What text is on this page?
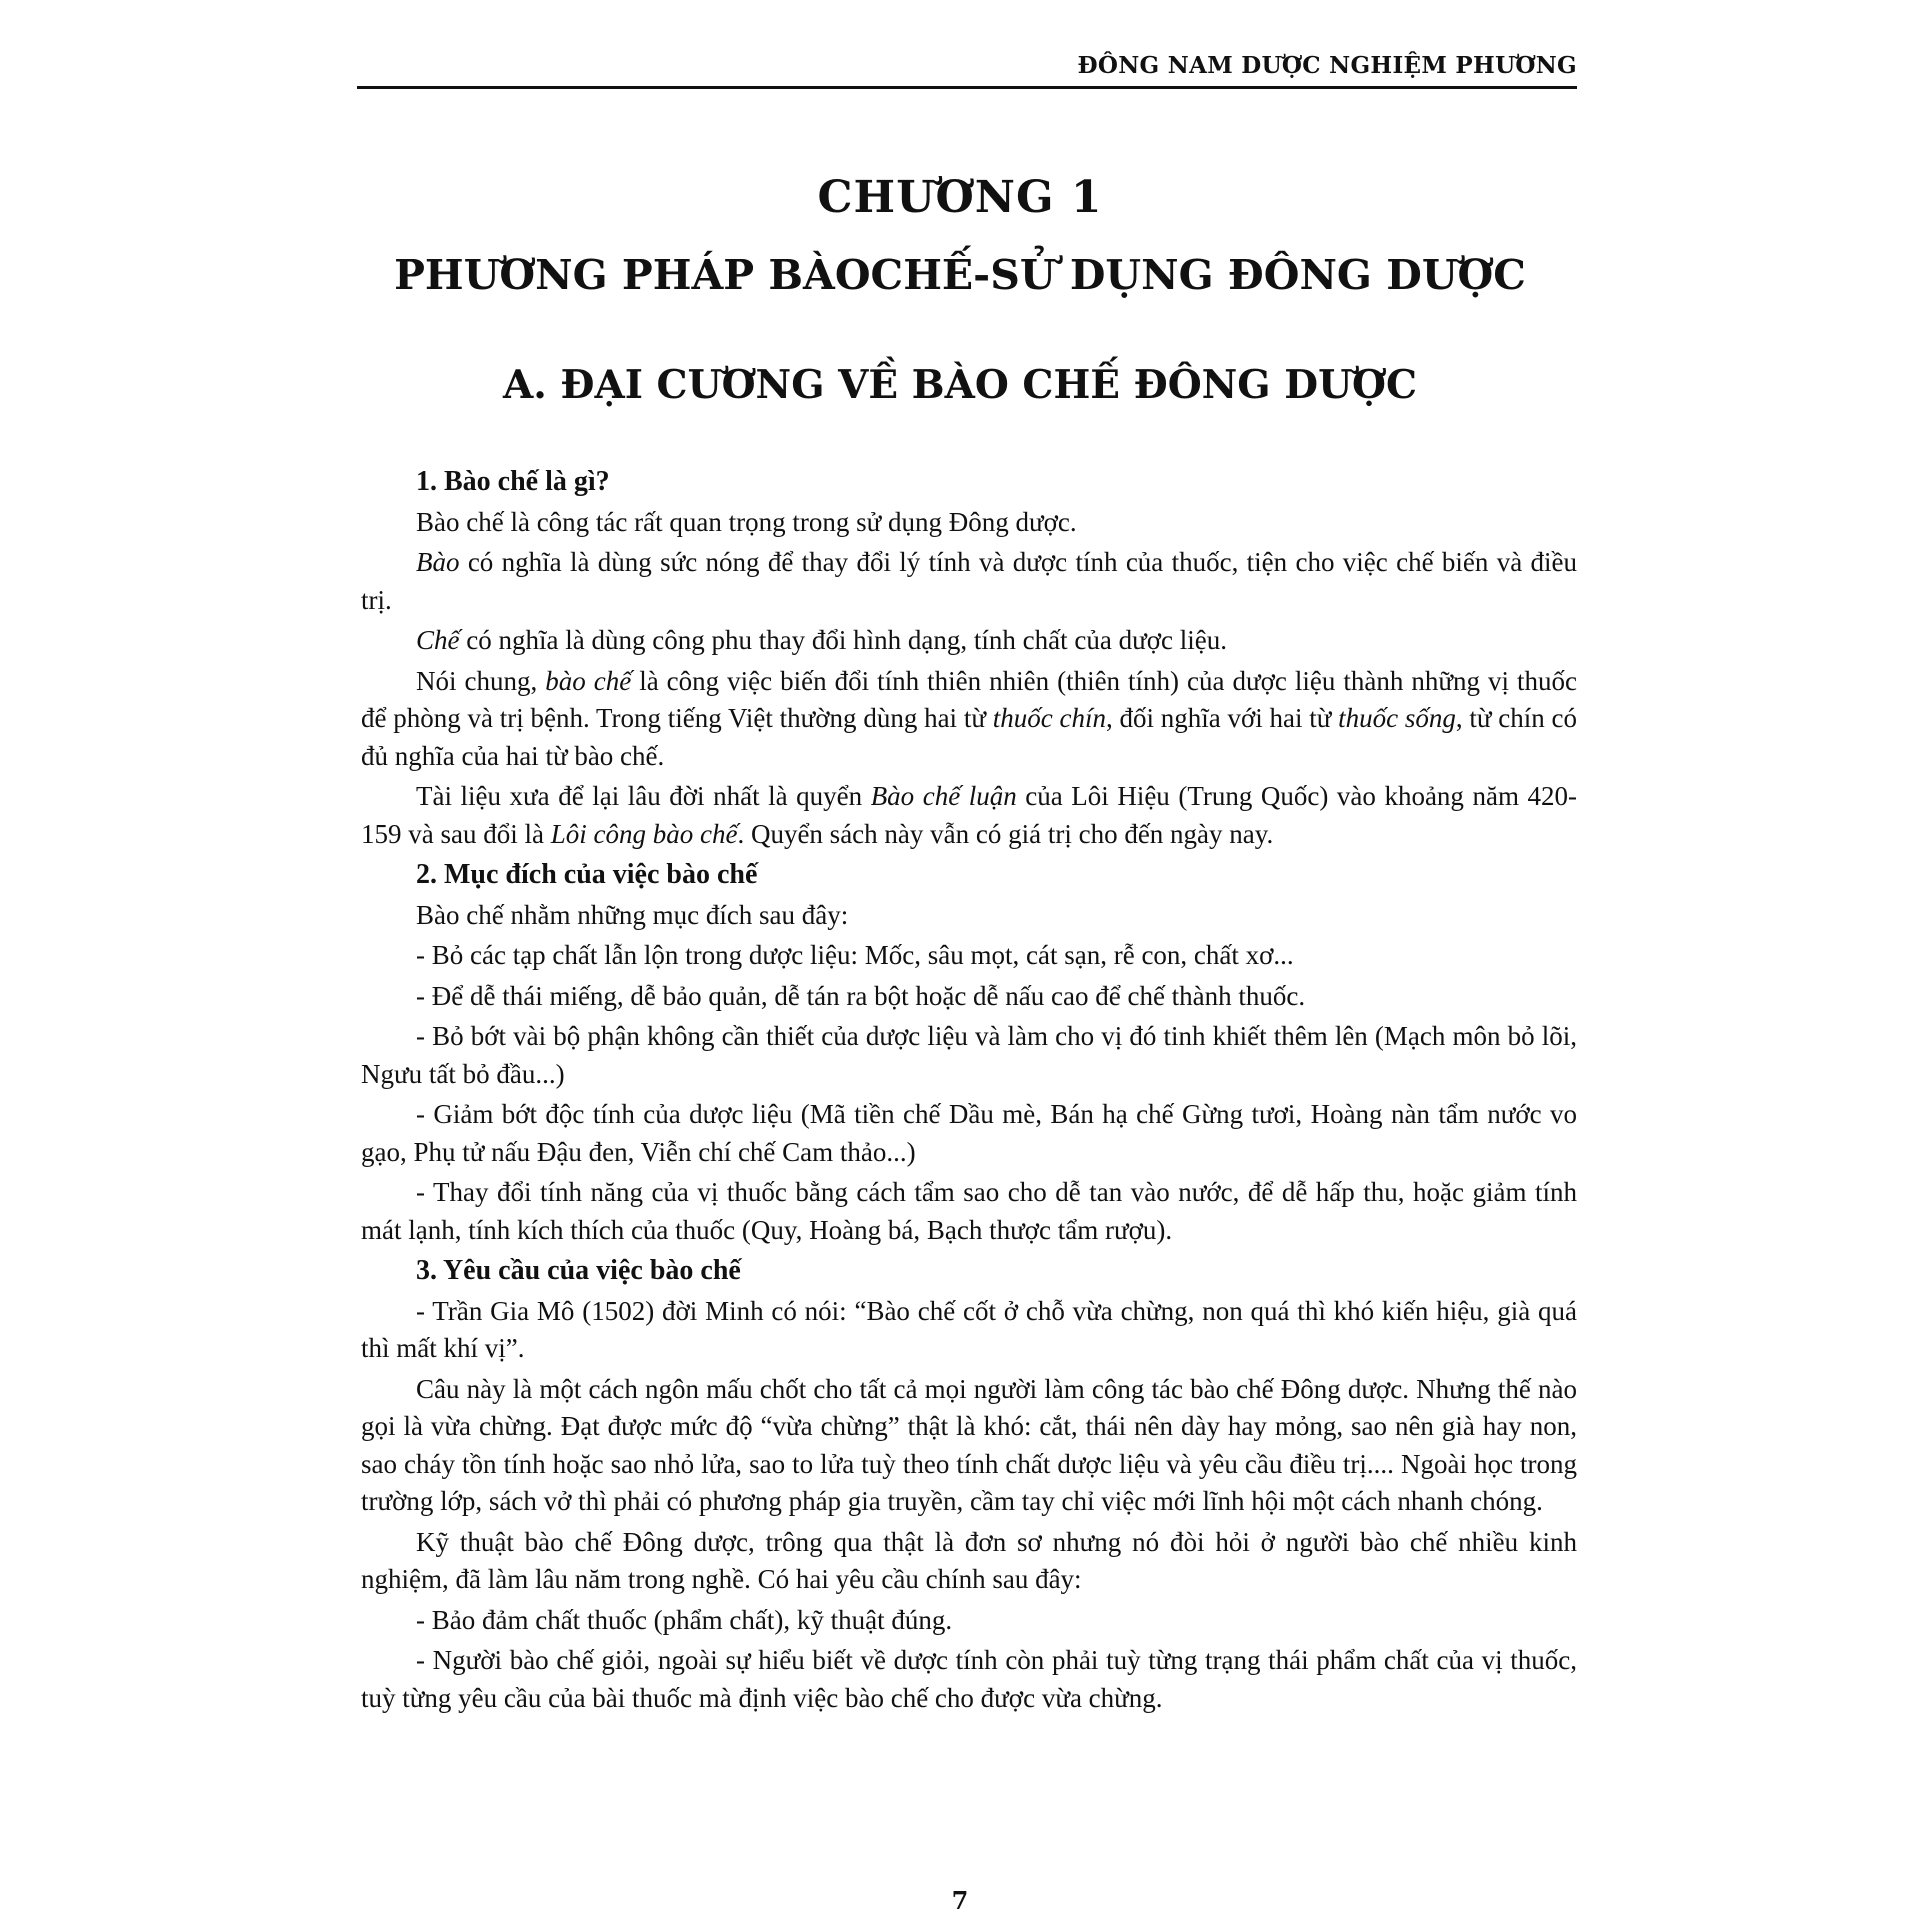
ĐÔNG NAM DƯỢC NGHIỆM PHƯƠNG
CHƯƠNG 1
PHƯƠNG PHÁP BÀOCHẾ-SỬ DỤNG ĐÔNG DƯỢC
A. ĐẠI CƯƠNG VỀ BÀO CHẾ ĐÔNG DƯỢC
1. Bào chế là gì?

Bào chế là công tác rất quan trọng trong sử dụng Đông dược.

Bào có nghĩa là dùng sức nóng để thay đổi lý tính và dược tính của thuốc, tiện cho việc chế biến và điều trị.

Chế có nghĩa là dùng công phu thay đổi hình dạng, tính chất của dược liệu.

Nói chung, bào chế là công việc biến đổi tính thiên nhiên (thiên tính) của dược liệu thành những vị thuốc để phòng và trị bệnh. Trong tiếng Việt thường dùng hai từ thuốc chín, đối nghĩa với hai từ thuốc sống, từ chín có đủ nghĩa của hai từ bào chế.

Tài liệu xưa để lại lâu đời nhất là quyển Bào chế luận của Lôi Hiệu (Trung Quốc) vào khoảng năm 420-159 và sau đổi là Lôi công bào chế. Quyển sách này vẫn có giá trị cho đến ngày nay.

2. Mục đích của việc bào chế

Bào chế nhằm những mục đích sau đây:

- Bỏ các tạp chất lẫn lộn trong dược liệu: Mốc, sâu mọt, cát sạn, rễ con, chất xơ...

- Để dễ thái miếng, dễ bảo quản, dễ tán ra bột hoặc dễ nấu cao để chế thành thuốc.

- Bỏ bớt vài bộ phận không cần thiết của dược liệu và làm cho vị đó tinh khiết thêm lên (Mạch môn bỏ lõi, Ngưu tất bỏ đầu...)

- Giảm bớt độc tính của dược liệu (Mã tiền chế Dầu mè, Bán hạ chế Gừng tươi, Hoàng nàn tẩm nước vo gạo, Phụ tử nấu Đậu đen, Viễn chí chế Cam thảo...)

- Thay đổi tính năng của vị thuốc bằng cách tẩm sao cho dễ tan vào nước, để dễ hấp thu, hoặc giảm tính mát lạnh, tính kích thích của thuốc (Quy, Hoàng bá, Bạch thược tẩm rượu).

3. Yêu cầu của việc bào chế

- Trần Gia Mô (1502) đời Minh có nói: “Bào chế cốt ở chỗ vừa chừng, non quá thì khó kiến hiệu, già quá thì mất khí vị”.

Câu này là một cách ngôn mấu chốt cho tất cả mọi người làm công tác bào chế Đông dược. Nhưng thế nào gọi là vừa chừng. Đạt được mức độ “vừa chừng” thật là khó: cắt, thái nên dày hay mỏng, sao nên già hay non, sao cháy tồn tính hoặc sao nhỏ lửa, sao to lửa tuỳ theo tính chất dược liệu và yêu cầu điều trị.... Ngoài học trong trường lớp, sách vở thì phải có phương pháp gia truyền, cầm tay chỉ việc mới lĩnh hội một cách nhanh chóng.

Kỹ thuật bào chế Đông dược, trông qua thật là đơn sơ nhưng nó đòi hỏi ở người bào chế nhiều kinh nghiệm, đã làm lâu năm trong nghề. Có hai yêu cầu chính sau đây:

- Bảo đảm chất thuốc (phẩm chất), kỹ thuật đúng.

- Người bào chế giỏi, ngoài sự hiểu biết về dược tính còn phải tuỳ từng trạng thái phẩm chất của vị thuốc, tuỳ từng yêu cầu của bài thuốc mà định việc bào chế cho được vừa chừng.

7
